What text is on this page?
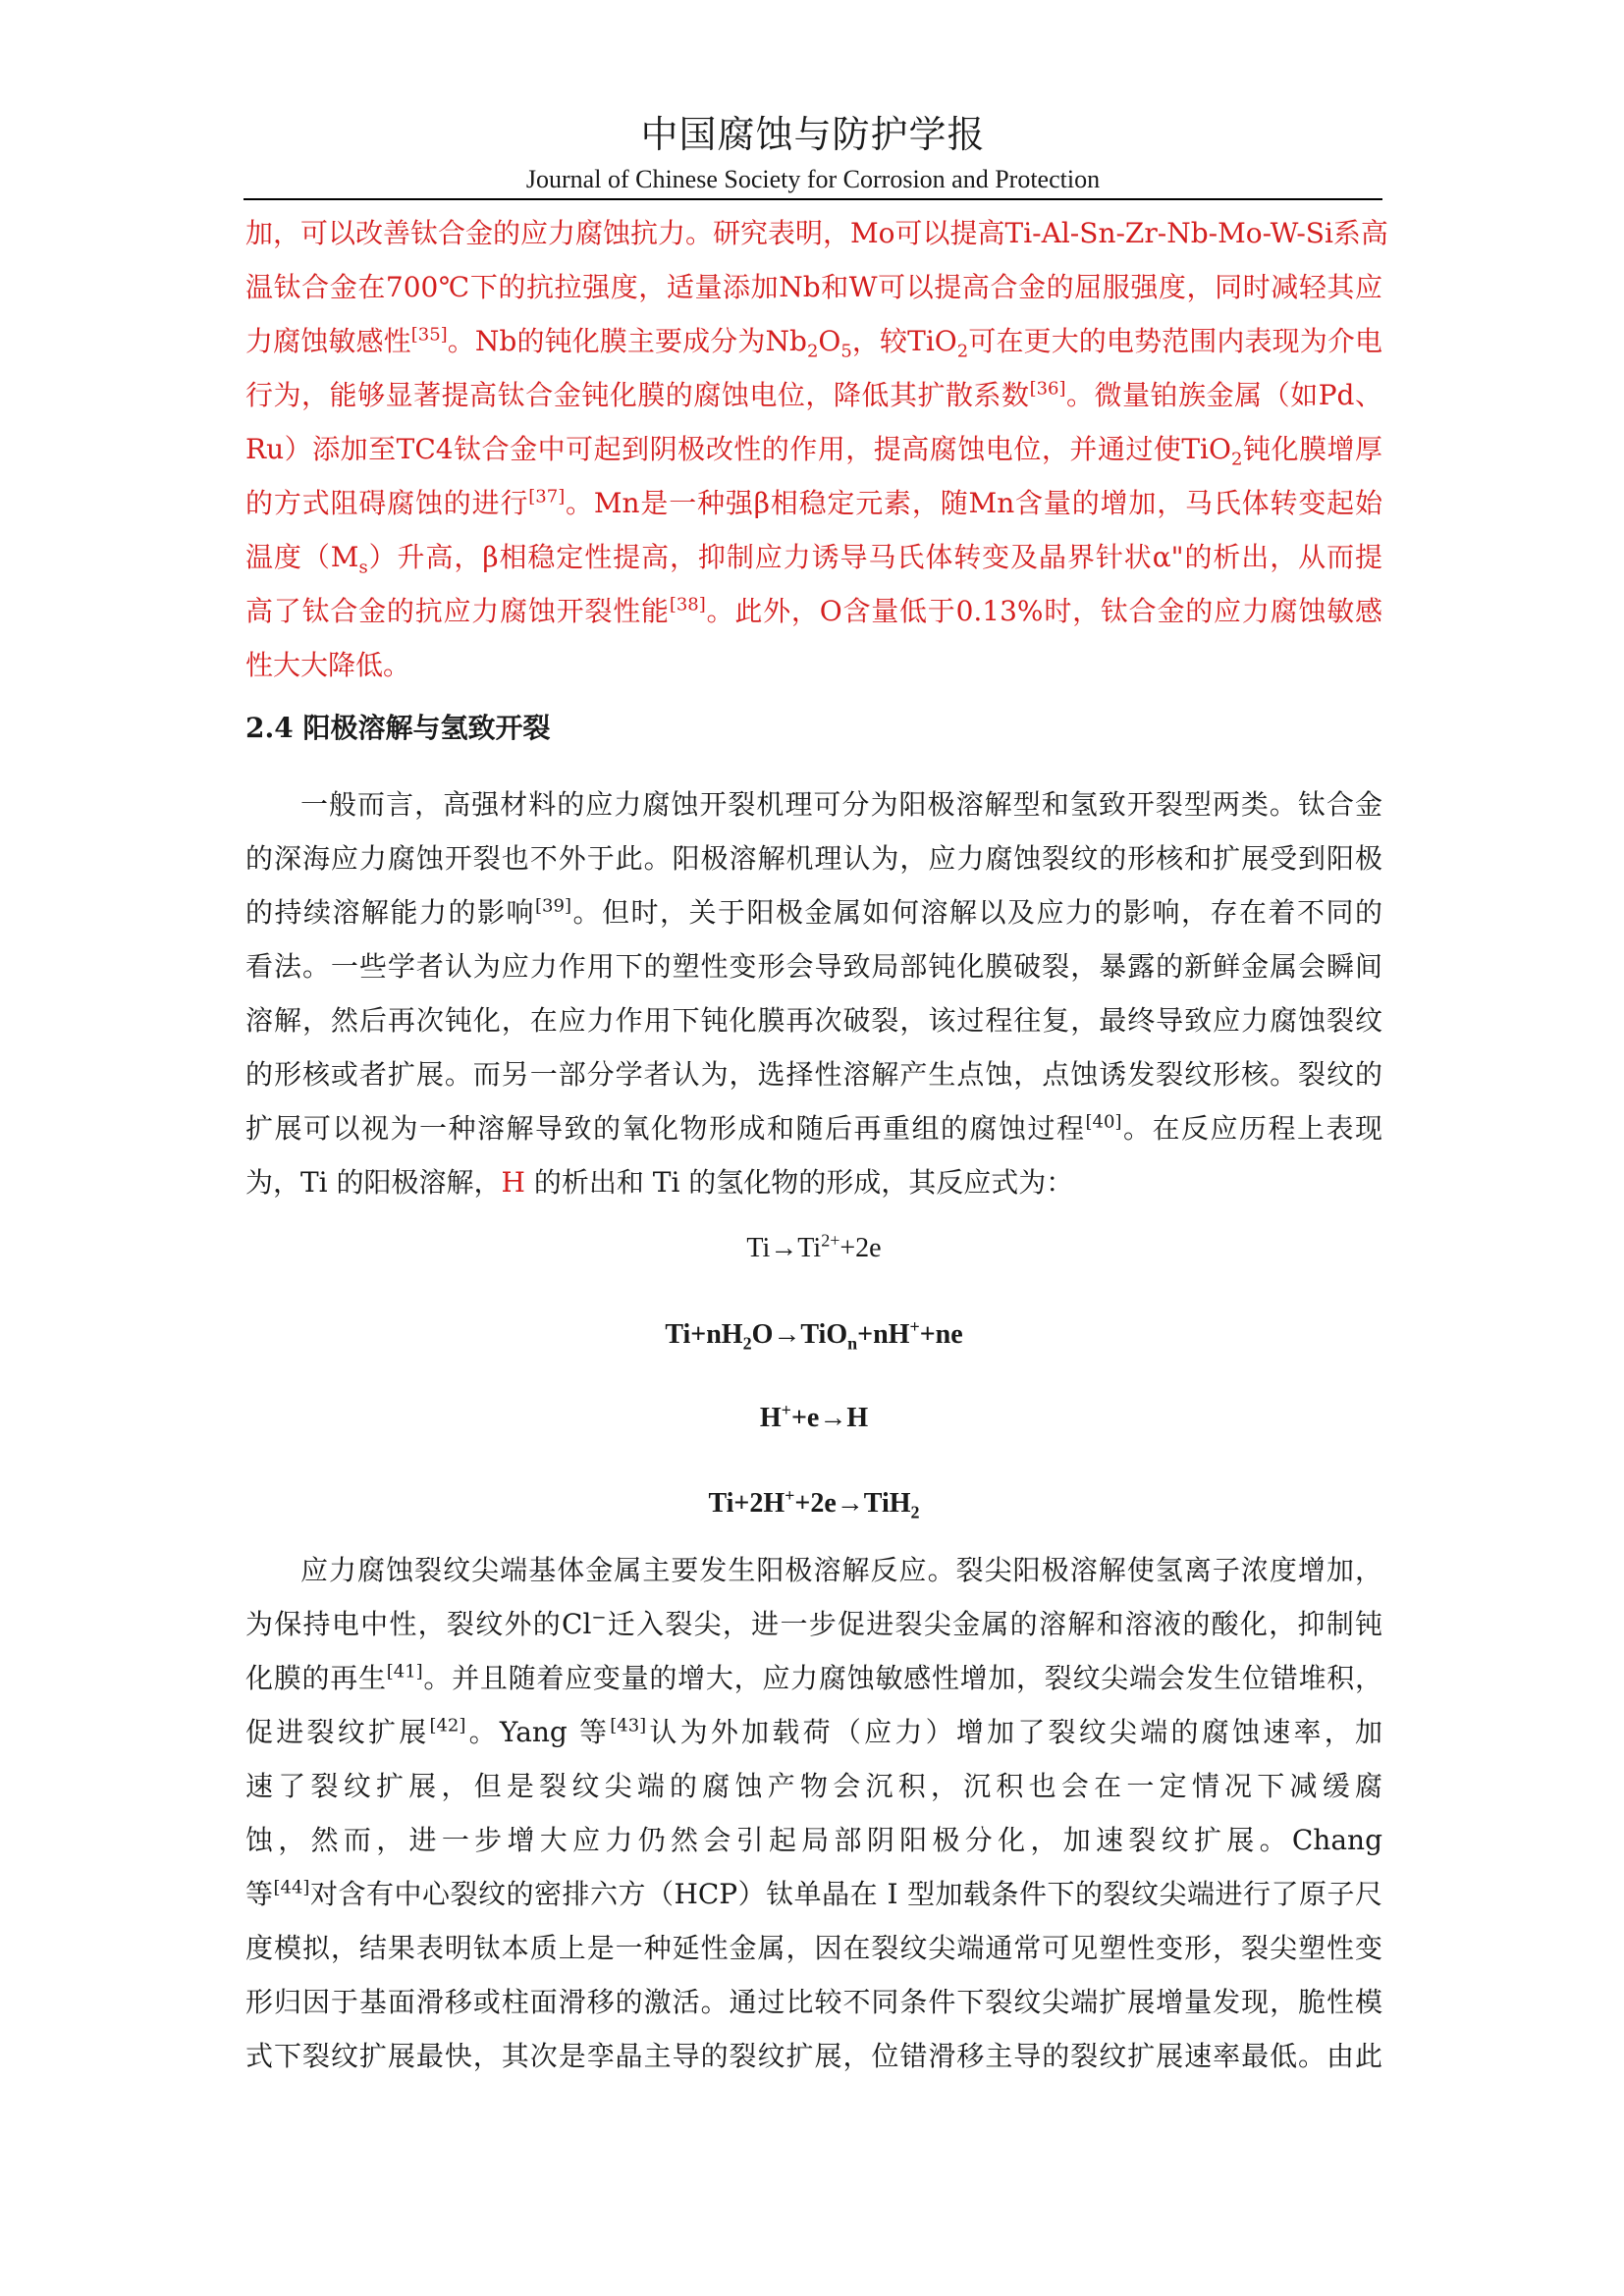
中国腐蚀与防护学报
Journal of Chinese Society for Corrosion and Protection
加，可以改善钛合金的应力腐蚀抗力。研究表明，Mo可以提高Ti-Al-Sn-Zr-Nb-Mo-W-Si系高
温钛合金在700℃下的抗拉强度，适量添加Nb和W可以提高合金的屈服强度，同时减轻其应
力腐蚀敏感性[35]。Nb的钝化膜主要成分为$Nb_2O_5$，较TiO$_2$可在更大的电势范围内表现为介电
行为，能够显著提高钛合金钝化膜的腐蚀电位，降低其扩散系数[36]。微量铂族金属（如Pd、
Ru）添加至TC4钛合金中可起到阴极改性的作用，提高腐蚀电位，并通过使TiO$_2$钝化膜增厚
的方式阻碍腐蚀的进行[37]。Mn是一种强β相稳定元素，随Mn含量的增加，马氏体转变起始
温度$(M_s)$升高，β相稳定性提高，抑制应力诱导马氏体转变及晶界针状α"的析出，从而提
高了钛合金的抗应力腐蚀开裂性能[38]。此外，O含量低于0.13%时，钛合金的应力腐蚀敏感
性大大降低。
2.4 阳极溶解与氢致开裂
一般而言，高强材料的应力腐蚀开裂机理可分为阳极溶解型和氢致开裂型两类。钛合金
的深海应力腐蚀开裂也不外于此。阳极溶解机理认为，应力腐蚀裂纹的形核和扩展受到阳极
的持续溶解能力的影响[39]。但时，关于阳极金属如何溶解以及应力的影响，存在着不同的
看法。一些学者认为应力作用下的塑性变形会导致局部钝化膜破裂，暴露的新鲜金属会瞬间
溶解，然后再次钝化，在应力作用下钝化膜再次破裂，该过程往复，最终导致应力腐蚀裂纹
的形核或者扩展。而另一部分学者认为，选择性溶解产生点蚀，点蚀诱发裂纹形核。裂纹的
扩展可以视为一种溶解导致的氧化物形成和随后再重组的腐蚀过程[40]。在反应历程上表现
为，Ti 的阳极溶解，H 的析出和 Ti 的氢化物的形成，其反应式为：
$Ti\to Ti^{2+}+2e$
$Ti+nH_2O\to TiO_n+nH^++ne$
H++e→H
Ti+2H++2e→TiH$_2$
应力腐蚀裂纹尖端基体金属主要发生阳极溶解反应。裂尖阳极溶解使氢离子浓度增加，
为保持电中性，裂纹外的Cl−迁入裂尖，进一步促进裂尖金属的溶解和溶液的酸化，抑制钝
化膜的再生[41]。并且随着应变量的增大，应力腐蚀敏感性增加，裂纹尖端会发生位错堆积，
促进裂纹扩展[42]。Yang 等[43]认为外加载荷（应力）增加了裂纹尖端的腐蚀速率，加
速了裂纹扩展，但是裂纹尖端的腐蚀产物会沉积，沉积也会在一定情况下减缓腐
蚀，然而，进一步增大应力仍然会引起局部阴阳极分化，加速裂纹扩展。Chang
等[44]对含有中心裂纹的密排六方（HCP）钛单晶在 I 型加载条件下的裂纹尖端进行了原子尺
度模拟，结果表明钛本质上是一种延性金属，因在裂纹尖端通常可见塑性变形，裂尖塑性变
形归因于基面滑移或柱面滑移的激活。通过比较不同条件下裂纹尖端扩展增量发现，脆性模
式下裂纹扩展最快，其次是孪晶主导的裂纹扩展，位错滑移主导的裂纹扩展速率最低。由此
